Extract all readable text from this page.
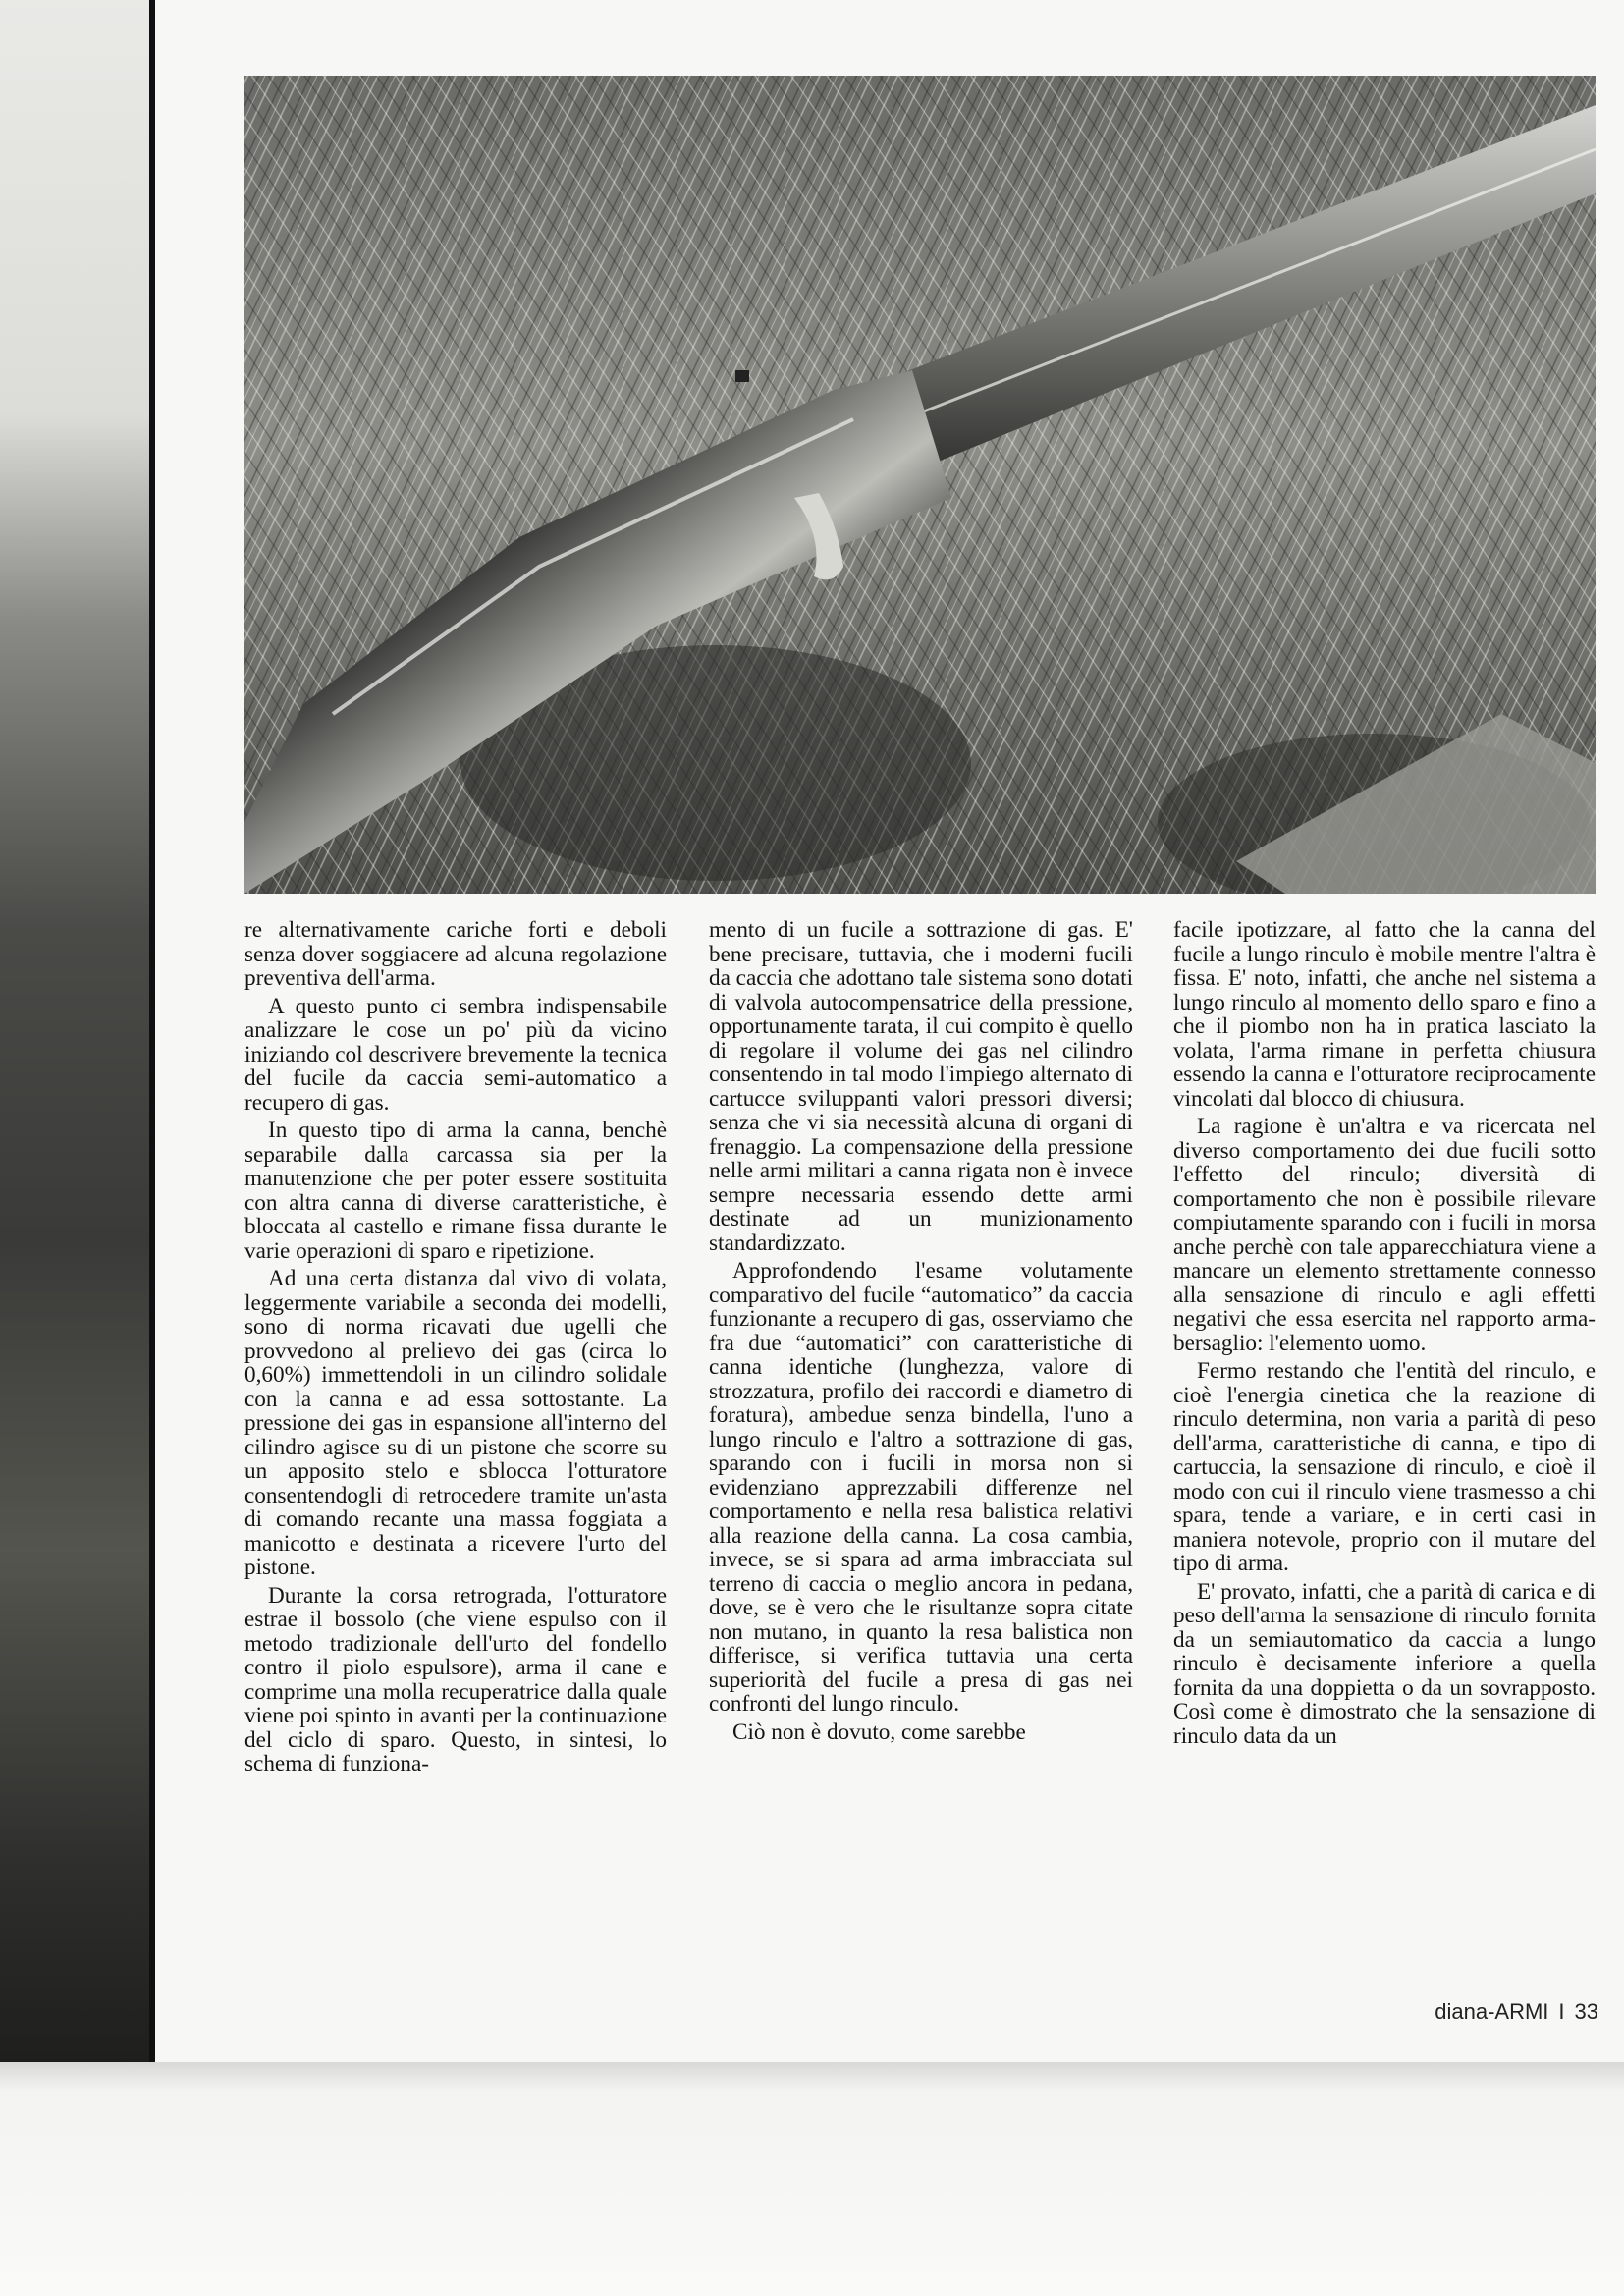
re alternativamente cariche forti e deboli senza dover soggiacere ad alcuna regolazione preventiva dell'arma.

A questo punto ci sembra indispensabile analizzare le cose un po' più da vicino iniziando col descrivere brevemente la tecnica del fucile da caccia semi-automatico a recupero di gas.

In questo tipo di arma la canna, benchè separabile dalla carcassa sia per la manutenzione che per poter essere sostituita con altra canna di diverse caratteristiche, è bloccata al castello e rimane fissa durante le varie operazioni di sparo e ripetizione.

Ad una certa distanza dal vivo di volata, leggermente variabile a seconda dei modelli, sono di norma ricavati due ugelli che provvedono al prelievo dei gas (circa lo 0,60%) immettendoli in un cilindro solidale con la canna e ad essa sottostante. La pressione dei gas in espansione all'interno del cilindro agisce su di un pistone che scorre su un apposito stelo e sblocca l'otturatore consentendogli di retrocedere tramite un'asta di comando recante una massa foggiata a manicotto e destinata a ricevere l'urto del pistone.

Durante la corsa retrograda, l'otturatore estrae il bossolo (che viene espulso con il metodo tradizionale dell'urto del fondello contro il piolo espulsore), arma il cane e comprime una molla recuperatrice dalla quale viene poi spinto in avanti per la continuazione del ciclo di sparo. Questo, in sintesi, lo schema di funziona-

mento di un fucile a sottrazione di gas. E' bene precisare, tuttavia, che i moderni fucili da caccia che adottano tale sistema sono dotati di valvola autocompensatrice della pressione, opportunamente tarata, il cui compito è quello di regolare il volume dei gas nel cilindro consentendo in tal modo l'impiego alternato di cartucce sviluppanti valori pressori diversi; senza che vi sia necessità alcuna di organi di frenaggio. La compensazione della pressione nelle armi militari a canna rigata non è invece sempre necessaria essendo dette armi destinate ad un munizionamento standardizzato.

Approfondendo l'esame volutamente comparativo del fucile “automatico” da caccia funzionante a recupero di gas, osserviamo che fra due “automatici” con caratteristiche di canna identiche (lunghezza, valore di strozzatura, profilo dei raccordi e diametro di foratura), ambedue senza bindella, l'uno a lungo rinculo e l'altro a sottrazione di gas, sparando con i fucili in morsa non si evidenziano apprezzabili differenze nel comportamento e nella resa balistica relativi alla reazione della canna. La cosa cambia, invece, se si spara ad arma imbracciata sul terreno di caccia o meglio ancora in pedana, dove, se è vero che le risultanze sopra citate non mutano, in quanto la resa balistica non differisce, si verifica tuttavia una certa superiorità del fucile a presa di gas nei confronti del lungo rinculo.

Ciò non è dovuto, come sarebbe

facile ipotizzare, al fatto che la canna del fucile a lungo rinculo è mobile mentre l'altra è fissa. E' noto, infatti, che anche nel sistema a lungo rinculo al momento dello sparo e fino a che il piombo non ha in pratica lasciato la volata, l'arma rimane in perfetta chiusura essendo la canna e l'otturatore reciprocamente vincolati dal blocco di chiusura.

La ragione è un'altra e va ricercata nel diverso comportamento dei due fucili sotto l'effetto del rinculo; diversità di comportamento che non è possibile rilevare compiutamente sparando con i fucili in morsa anche perchè con tale apparecchiatura viene a mancare un elemento strettamente connesso alla sensazione di rinculo e agli effetti negativi che essa esercita nel rapporto arma-bersaglio: l'elemento uomo.

Fermo restando che l'entità del rinculo, e cioè l'energia cinetica che la reazione di rinculo determina, non varia a parità di peso dell'arma, caratteristiche di canna, e tipo di cartuccia, la sensazione di rinculo, e cioè il modo con cui il rinculo viene trasmesso a chi spara, tende a variare, e in certi casi in maniera notevole, proprio con il mutare del tipo di arma.

E' provato, infatti, che a parità di carica e di peso dell'arma la sensazione di rinculo fornita da un semiautomatico da caccia a lungo rinculo è decisamente inferiore a quella fornita da una doppietta o da un sovrapposto. Così come è dimostrato che la sensazione di rinculo data da un

diana-ARMI I 33
